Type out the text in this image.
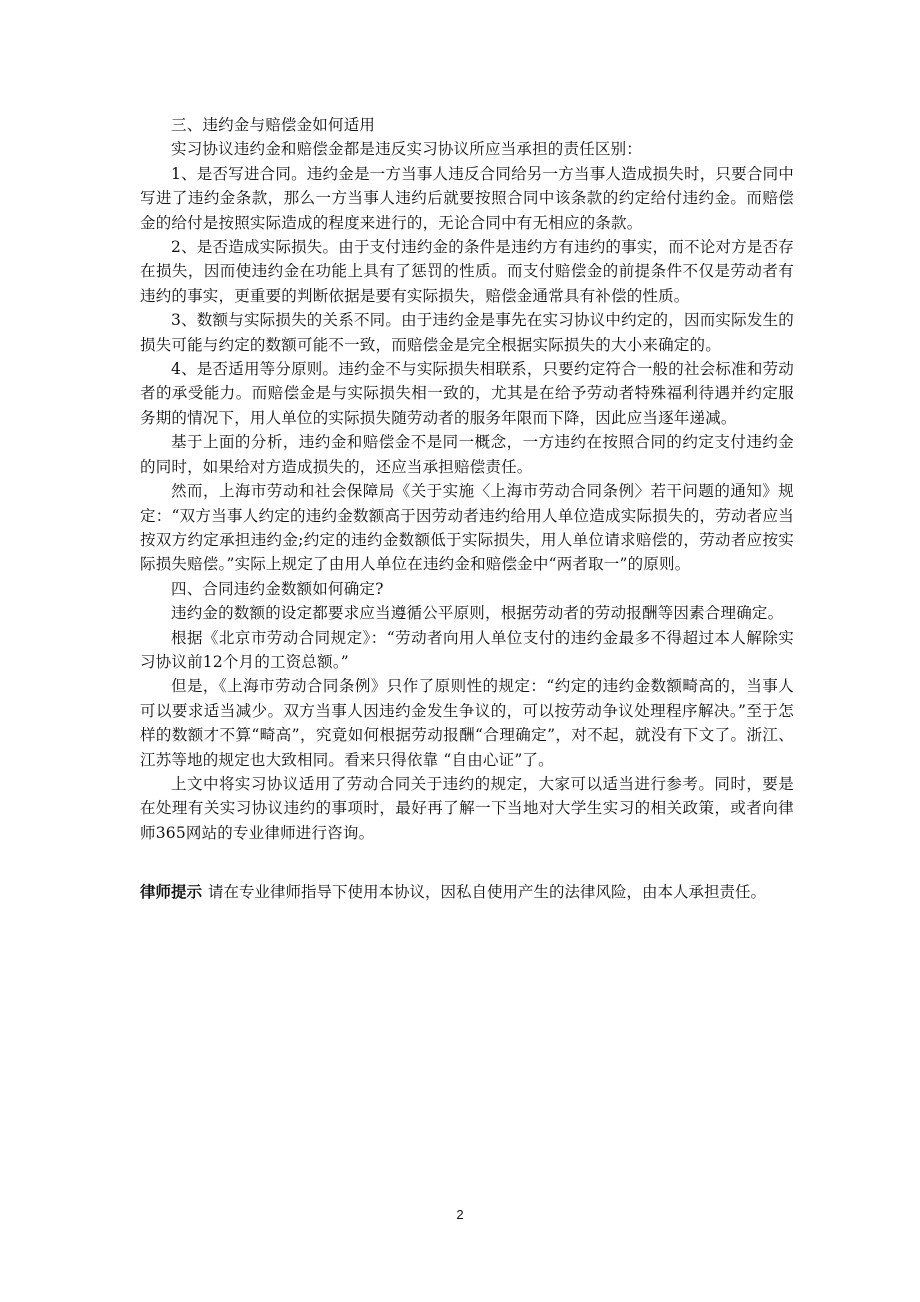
三、违约金与赔偿金如何适用

实习协议违约金和赔偿金都是违反实习协议所应当承担的责任区别：

1、是否写进合同。违约金是一方当事人违反合同给另一方当事人造成损失时，只要合同中写进了违约金条款，那么一方当事人违约后就要按照合同中该条款的约定给付违约金。而赔偿金的给付是按照实际造成的程度来进行的，无论合同中有无相应的条款。

2、是否造成实际损失。由于支付违约金的条件是违约方有违约的事实，而不论对方是否存在损失，因而使违约金在功能上具有了惩罚的性质。而支付赔偿金的前提条件不仅是劳动者有违约的事实，更重要的判断依据是要有实际损失，赔偿金通常具有补偿的性质。

3、数额与实际损失的关系不同。由于违约金是事先在实习协议中约定的，因而实际发生的损失可能与约定的数额可能不一致，而赔偿金是完全根据实际损失的大小来确定的。

4、是否适用等分原则。违约金不与实际损失相联系，只要约定符合一般的社会标准和劳动者的承受能力。而赔偿金是与实际损失相一致的，尤其是在给予劳动者特殊福利待遇并约定服务期的情况下，用人单位的实际损失随劳动者的服务年限而下降，因此应当逐年递减。

基于上面的分析，违约金和赔偿金不是同一概念，一方违约在按照合同的约定支付违约金的同时，如果给对方造成损失的，还应当承担赔偿责任。

然而，上海市劳动和社会保障局《关于实施〈上海市劳动合同条例〉若干问题的通知》规定：“双方当事人约定的违约金数额高于因劳动者违约给用人单位造成实际损失的，劳动者应当按双方约定承担违约金;约定的违约金数额低于实际损失，用人单位请求赔偿的，劳动者应按实际损失赔偿。”实际上规定了由用人单位在违约金和赔偿金中“两者取一”的原则。

四、合同违约金数额如何确定?

违约金的数额的设定都要求应当遵循公平原则，根据劳动者的劳动报酬等因素合理确定。

根据《北京市劳动合同规定》：“劳动者向用人单位支付的违约金最多不得超过本人解除实习协议前12个月的工资总额。”

但是，《上海市劳动合同条例》只作了原则性的规定：“约定的违约金数额畸高的，当事人可以要求适当减少。双方当事人因违约金发生争议的，可以按劳动争议处理程序解决。”至于怎样的数额才不算“畸高”，究竟如何根据劳动报酬“合理确定”，对不起，就没有下文了。浙江、江苏等地的规定也大致相同。看来只得依靠 “自由心证”了。

上文中将实习协议适用了劳动合同关于违约的规定，大家可以适当进行参考。同时，要是在处理有关实习协议违约的事项时，最好再了解一下当地对大学生实习的相关政策，或者向律师365网站的专业律师进行咨询。

律师提示 请在专业律师指导下使用本协议，因私自使用产生的法律风险，由本人承担责任。
2
